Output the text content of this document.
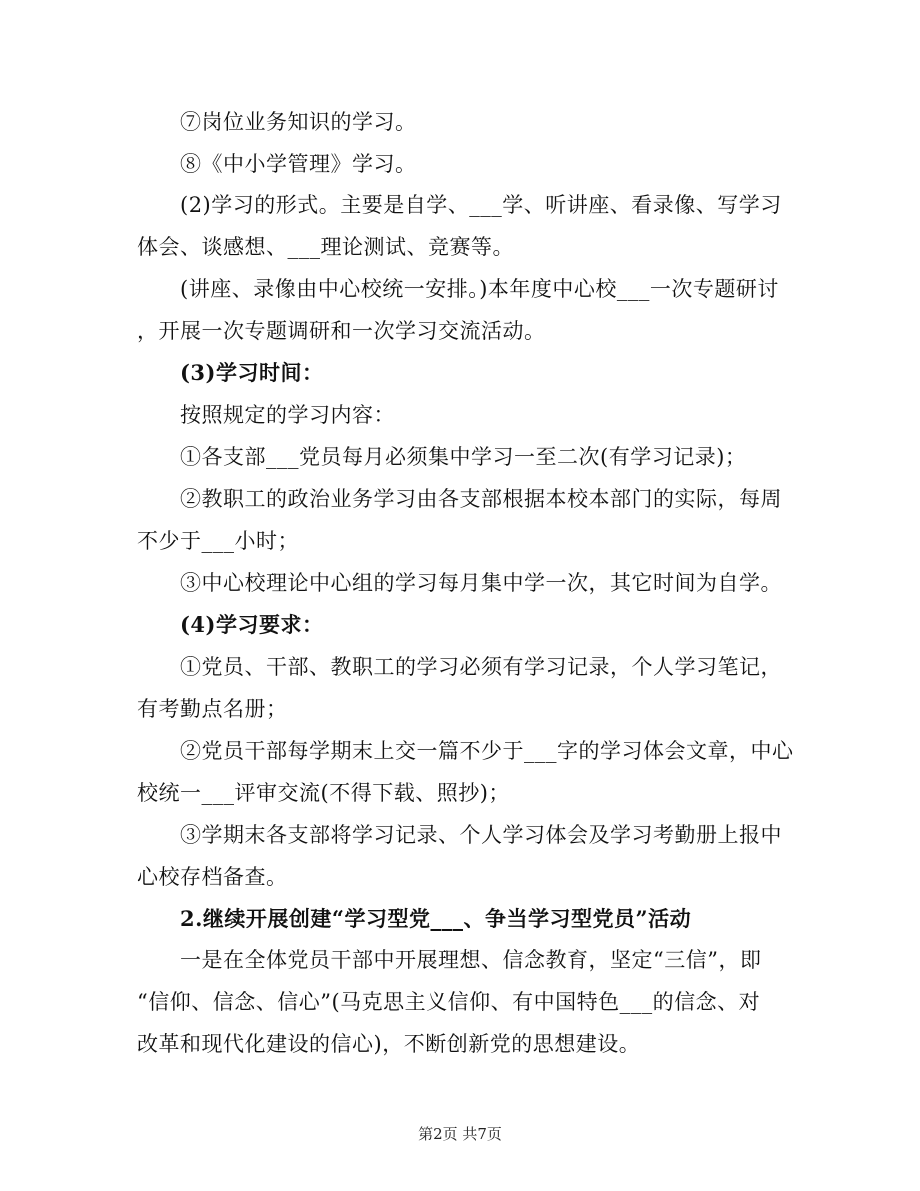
⑦岗位业务知识的学习。
⑧《中小学管理》学习。
(2)学习的形式。主要是自学、___学、听讲座、看录像、写学习
体会、谈感想、___理论测试、竞赛等。
(讲座、录像由中心校统一安排。)本年度中心校___一次专题研讨
，开展一次专题调研和一次学习交流活动。
(3)学习时间：
按照规定的学习内容：
①各支部___党员每月必须集中学习一至二次(有学习记录)；
②教职工的政治业务学习由各支部根据本校本部门的实际，每周
不少于___小时；
③中心校理论中心组的学习每月集中学一次，其它时间为自学。
(4)学习要求：
①党员、干部、教职工的学习必须有学习记录，个人学习笔记，
有考勤点名册；
②党员干部每学期末上交一篇不少于___字的学习体会文章，中心
校统一___评审交流(不得下载、照抄)；
③学期末各支部将学习记录、个人学习体会及学习考勤册上报中
心校存档备查。
2.继续开展创建“学习型党___、争当学习型党员”活动
一是在全体党员干部中开展理想、信念教育，坚定“三信”，即
“信仰、信念、信心”(马克思主义信仰、有中国特色___的信念、对
改革和现代化建设的信心)，不断创新党的思想建设。
第2页 共7页
